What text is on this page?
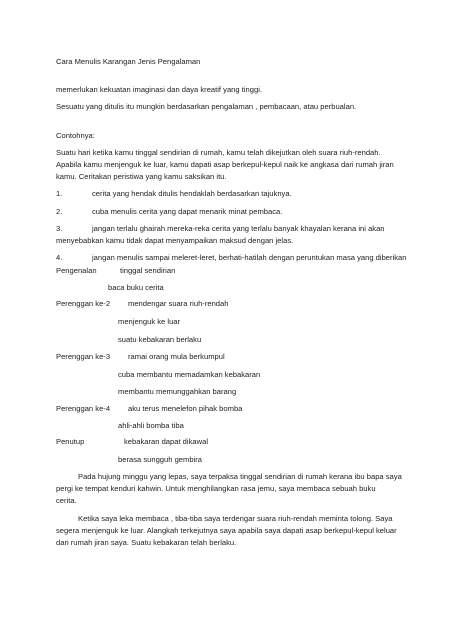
Cara Menulis Karangan Jenis Pengalaman
memerlukan kekuatan imaginasi dan daya kreatif yang tinggi.
Sesuatu yang ditulis itu mungkin berdasarkan pengalaman , pembacaan, atau perbualan.
Contohnya:
Suatu hari ketika kamu tinggal sendirian di rumah, kamu telah dikejutkan oleh suara riuh-rendah.
Apabila kamu menjenguk ke luar, kamu dapati asap berkepul-kepul naik ke angkasa dari rumah jiran
kamu. Ceritakan peristiwa yang kamu saksikan itu.
1.	cerita yang hendak ditulis hendaklah berdasarkan tajuknya.
2.	cuba menulis cerita yang dapat menarik minat pembaca.
3.	jangan terlalu ghairah mereka-reka cerita yang terlalu banyak khayalan kerana ini akan
menyebabkan kamu tidak dapat menyampaikan maksud dengan jelas.
4.	jangan menulis sampai meleret-leret, berhati-hatilah dengan peruntukan masa yang diberikan
Pengenalan	tinggal sendirian
baca buku cerita
Perenggan ke-2 mendengar suara riuh-rendah
menjenguk ke luar
suatu kebakaran berlaku
Perenggan ke-3 ramai orang mula berkumpul
cuba membantu memadamkan kebakaran
membantu memunggahkan barang
Perenggan ke-4 aku terus menelefon pihak bomba
ahli-ahli bomba tiba
Penutup	kebakaran dapat dikawal
berasa sungguh gembira
Pada hujung minggu yang lepas, saya terpaksa tinggal sendirian di rumah kerana ibu bapa saya
pergi ke tempat kenduri kahwin. Untuk menghilangkan rasa jemu, saya membaca sebuah buku
cerita.
Ketika saya leka membaca , tiba-tiba saya terdengar suara riuh-rendah meminta tolong. Saya
segera menjenguk ke luar. Alangkah terkejutnya saya apabila saya dapati asap berkepul-kepul keluar
dari rumah jiran saya. Suatu kebakaran telah berlaku.
